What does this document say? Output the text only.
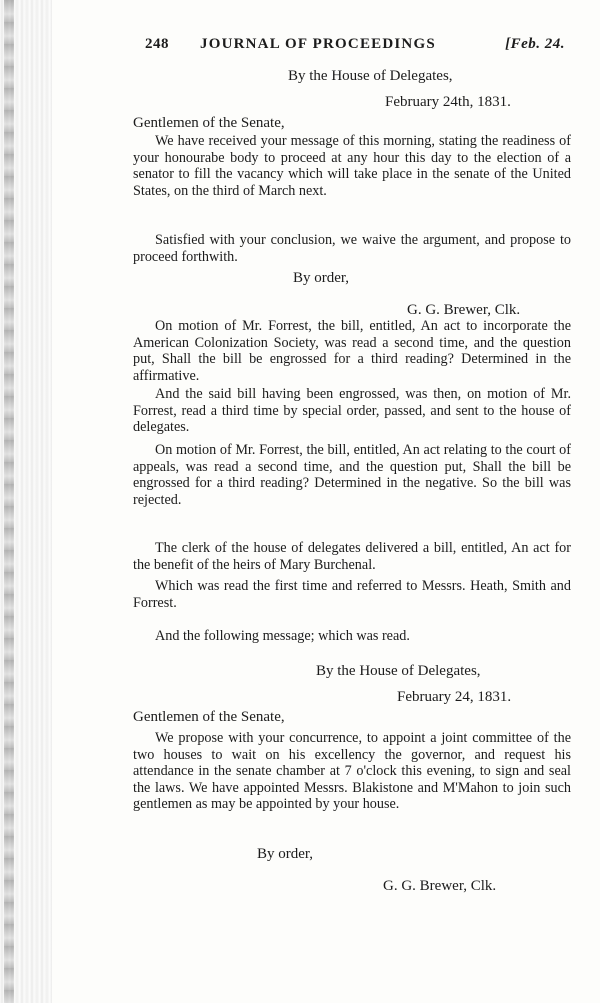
248 JOURNAL OF PROCEEDINGS	[Feb. 24.
By the House of Delegates,
February 24th, 1831.
Gentlemen of the Senate,
We have received your message of this morning, stating the readiness of your honourabe body to proceed at any hour this day to the election of a senator to fill the vacancy which will take place in the senate of the United States, on the third of March next.
Satisfied with your conclusion, we waive the argument, and propose to proceed forthwith.
By order,
G. G. Brewer, Clk.
On motion of Mr. Forrest, the bill, entitled, An act to incorporate the American Colonization Society, was read a second time, and the question put, Shall the bill be engrossed for a third reading? Determined in the affirmative.
And the said bill having been engrossed, was then, on motion of Mr. Forrest, read a third time by special order, passed, and sent to the house of delegates.
On motion of Mr. Forrest, the bill, entitled, An act relating to the court of appeals, was read a second time, and the question put, Shall the bill be engrossed for a third reading? Determined in the negative. So the bill was rejected.
The clerk of the house of delegates delivered a bill, entitled, An act for the benefit of the heirs of Mary Burchenal.
Which was read the first time and referred to Messrs. Heath, Smith and Forrest.
And the following message; which was read.
By the House of Delegates,
February 24, 1831.
Gentlemen of the Senate,
We propose with your concurrence, to appoint a joint committee of the two houses to wait on his excellency the governor, and request his attendance in the senate chamber at 7 o'clock this evening, to sign and seal the laws. We have appointed Messrs. Blakistone and M'Mahon to join such gentlemen as may be appointed by your house.
By order,
G. G. Brewer, Clk.
